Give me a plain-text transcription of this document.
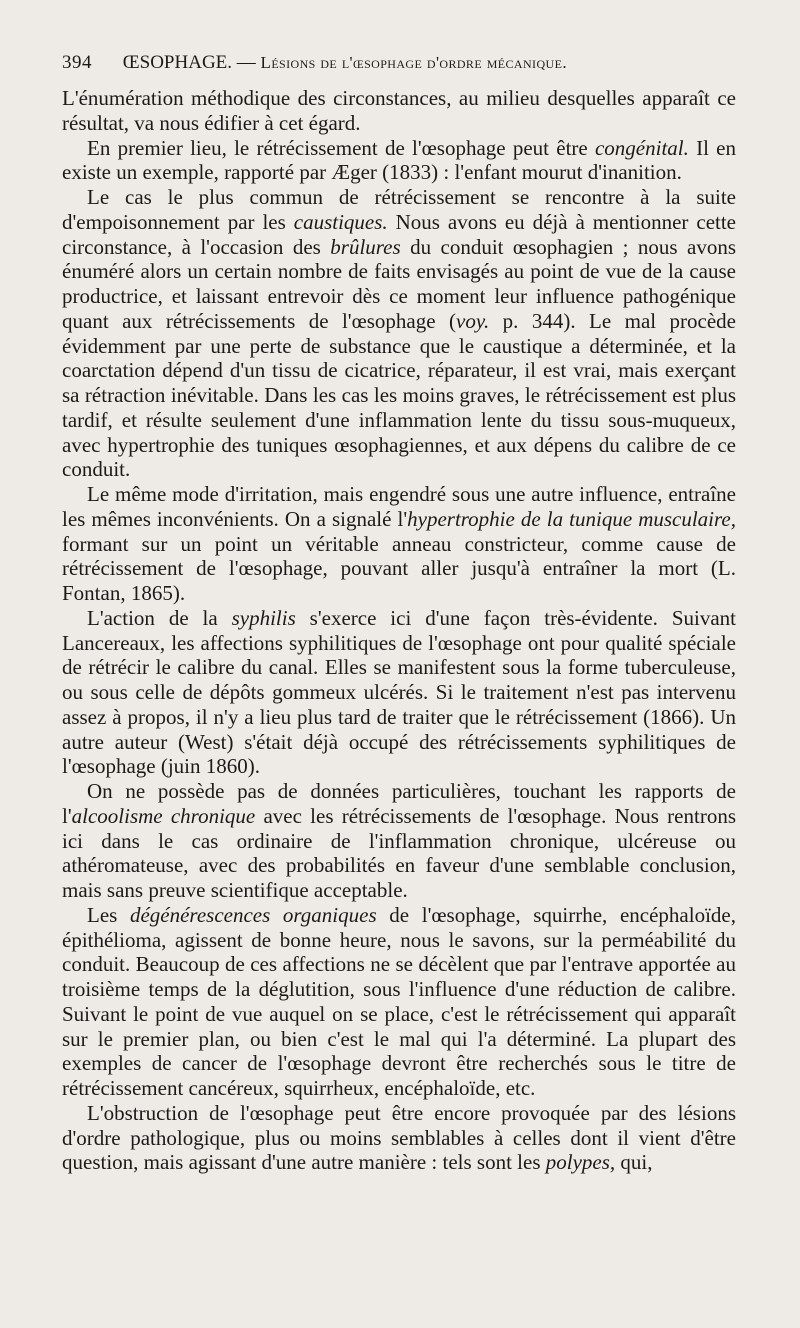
394 ŒSOPHAGE. — Lésions de l'œsophage d'ordre mécanique.

L'énumération méthodique des circonstances, au milieu desquelles apparaît ce résultat, va nous édifier à cet égard.

En premier lieu, le rétrécissement de l'œsophage peut être congénital. Il en existe un exemple, rapporté par Æger (1833) : l'enfant mourut d'inanition.

Le cas le plus commun de rétrécissement se rencontre à la suite d'empoisonnement par les caustiques. Nous avons eu déjà à mentionner cette circonstance, à l'occasion des brûlures du conduit œsophagien ; nous avons énuméré alors un certain nombre de faits envisagés au point de vue de la cause productrice, et laissant entrevoir dès ce moment leur influence pathogénique quant aux rétrécissements de l'œsophage (voy. p. 344). Le mal procède évidemment par une perte de substance que le caustique a déterminée, et la coarctation dépend d'un tissu de cicatrice, réparateur, il est vrai, mais exerçant sa rétraction inévitable. Dans les cas les moins graves, le rétrécissement est plus tardif, et résulte seulement d'une inflammation lente du tissu sous-muqueux, avec hypertrophie des tuniques œsophagiennes, et aux dépens du calibre de ce conduit.

Le même mode d'irritation, mais engendré sous une autre influence, entraîne les mêmes inconvénients. On a signalé l'hypertrophie de la tunique musculaire, formant sur un point un véritable anneau constricteur, comme cause de rétrécissement de l'œsophage, pouvant aller jusqu'à entraîner la mort (L. Fontan, 1865).

L'action de la syphilis s'exerce ici d'une façon très-évidente. Suivant Lancereaux, les affections syphilitiques de l'œsophage ont pour qualité spéciale de rétrécir le calibre du canal. Elles se manifestent sous la forme tuberculeuse, ou sous celle de dépôts gommeux ulcérés. Si le traitement n'est pas intervenu assez à propos, il n'y a lieu plus tard de traiter que le rétrécissement (1866). Un autre auteur (West) s'était déjà occupé des rétrécissements syphilitiques de l'œsophage (juin 1860).

On ne possède pas de données particulières, touchant les rapports de l'alcoolisme chronique avec les rétrécissements de l'œsophage. Nous rentrons ici dans le cas ordinaire de l'inflammation chronique, ulcéreuse ou athéromateuse, avec des probabilités en faveur d'une semblable conclusion, mais sans preuve scientifique acceptable.

Les dégénérescences organiques de l'œsophage, squirrhe, encéphaloïde, épithélioma, agissent de bonne heure, nous le savons, sur la perméabilité du conduit. Beaucoup de ces affections ne se décèlent que par l'entrave apportée au troisième temps de la déglutition, sous l'influence d'une réduction de calibre. Suivant le point de vue auquel on se place, c'est le rétrécissement qui apparaît sur le premier plan, ou bien c'est le mal qui l'a déterminé. La plupart des exemples de cancer de l'œsophage devront être recherchés sous le titre de rétrécissement cancéreux, squirrheux, encéphaloïde, etc.

L'obstruction de l'œsophage peut être encore provoquée par des lésions d'ordre pathologique, plus ou moins semblables à celles dont il vient d'être question, mais agissant d'une autre manière : tels sont les polypes, qui,
